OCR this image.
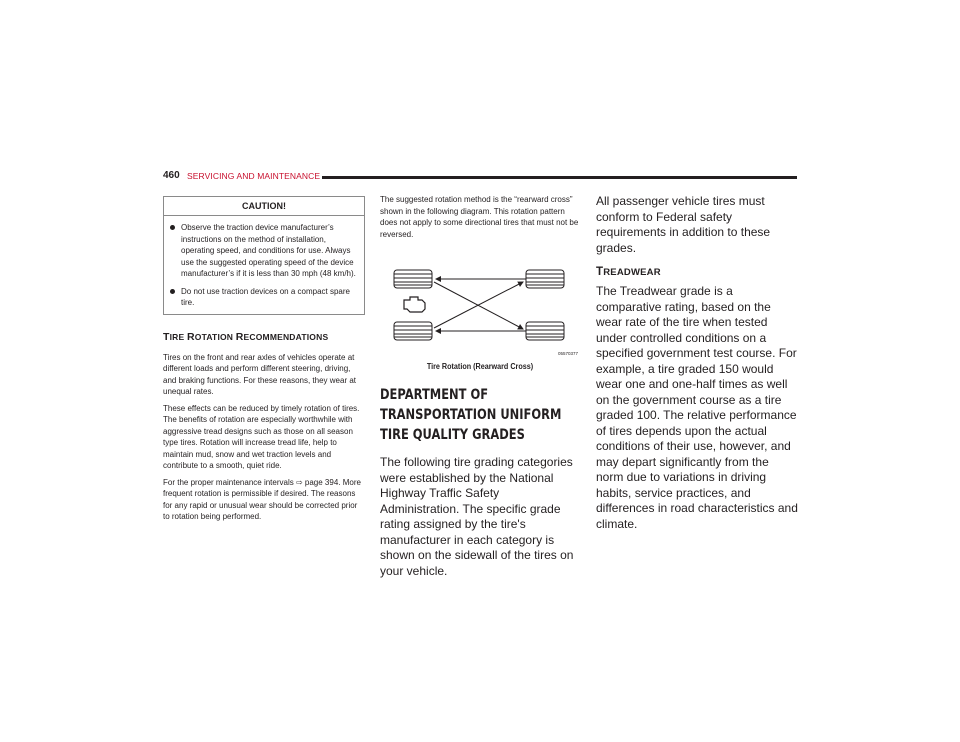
460 SERVICING AND MAINTENANCE
CAUTION!
Observe the traction device manufacturer’s instructions on the method of installation, operating speed, and conditions for use. Always use the suggested operating speed of the device manufacturer’s if it is less than 30 mph (48 km/h).
Do not use traction devices on a compact spare tire.
TIRE ROTATION RECOMMENDATIONS

Tires on the front and rear axles of vehicles operate at different loads and perform different steering, driving, and braking functions. For these reasons, they wear at unequal rates.

These effects can be reduced by timely rotation of tires. The benefits of rotation are especially worthwhile with aggressive tread designs such as those on all season type tires. Rotation will increase tread life, help to maintain mud, snow and wet traction levels and contribute to a smooth, quiet ride.

For the proper maintenance intervals ⇨ page 394. More frequent rotation is permissible if desired. The reasons for any rapid or unusual wear should be corrected prior to rotation being performed.

The suggested rotation method is the “rearward cross” shown in the following diagram. This rotation pattern does not apply to some directional tires that must not be reversed.

05570377
Tire Rotation (Rearward Cross)
DEPARTMENT OF TRANSPORTATION UNIFORM TIRE QUALITY GRADES

The following tire grading categories were established by the National Highway Traffic Safety Administration. The specific grade rating assigned by the tire's manufacturer in each category is shown on the sidewall of the tires on your vehicle.

All passenger vehicle tires must conform to Federal safety requirements in addition to these grades.

TREADWEAR

The Treadwear grade is a comparative rating, based on the wear rate of the tire when tested under controlled conditions on a specified government test course. For example, a tire graded 150 would wear one and one-half times as well on the government course as a tire graded 100. The relative performance of tires depends upon the actual conditions of their use, however, and may depart significantly from the norm due to variations in driving habits, service practices, and differences in road characteristics and climate.
